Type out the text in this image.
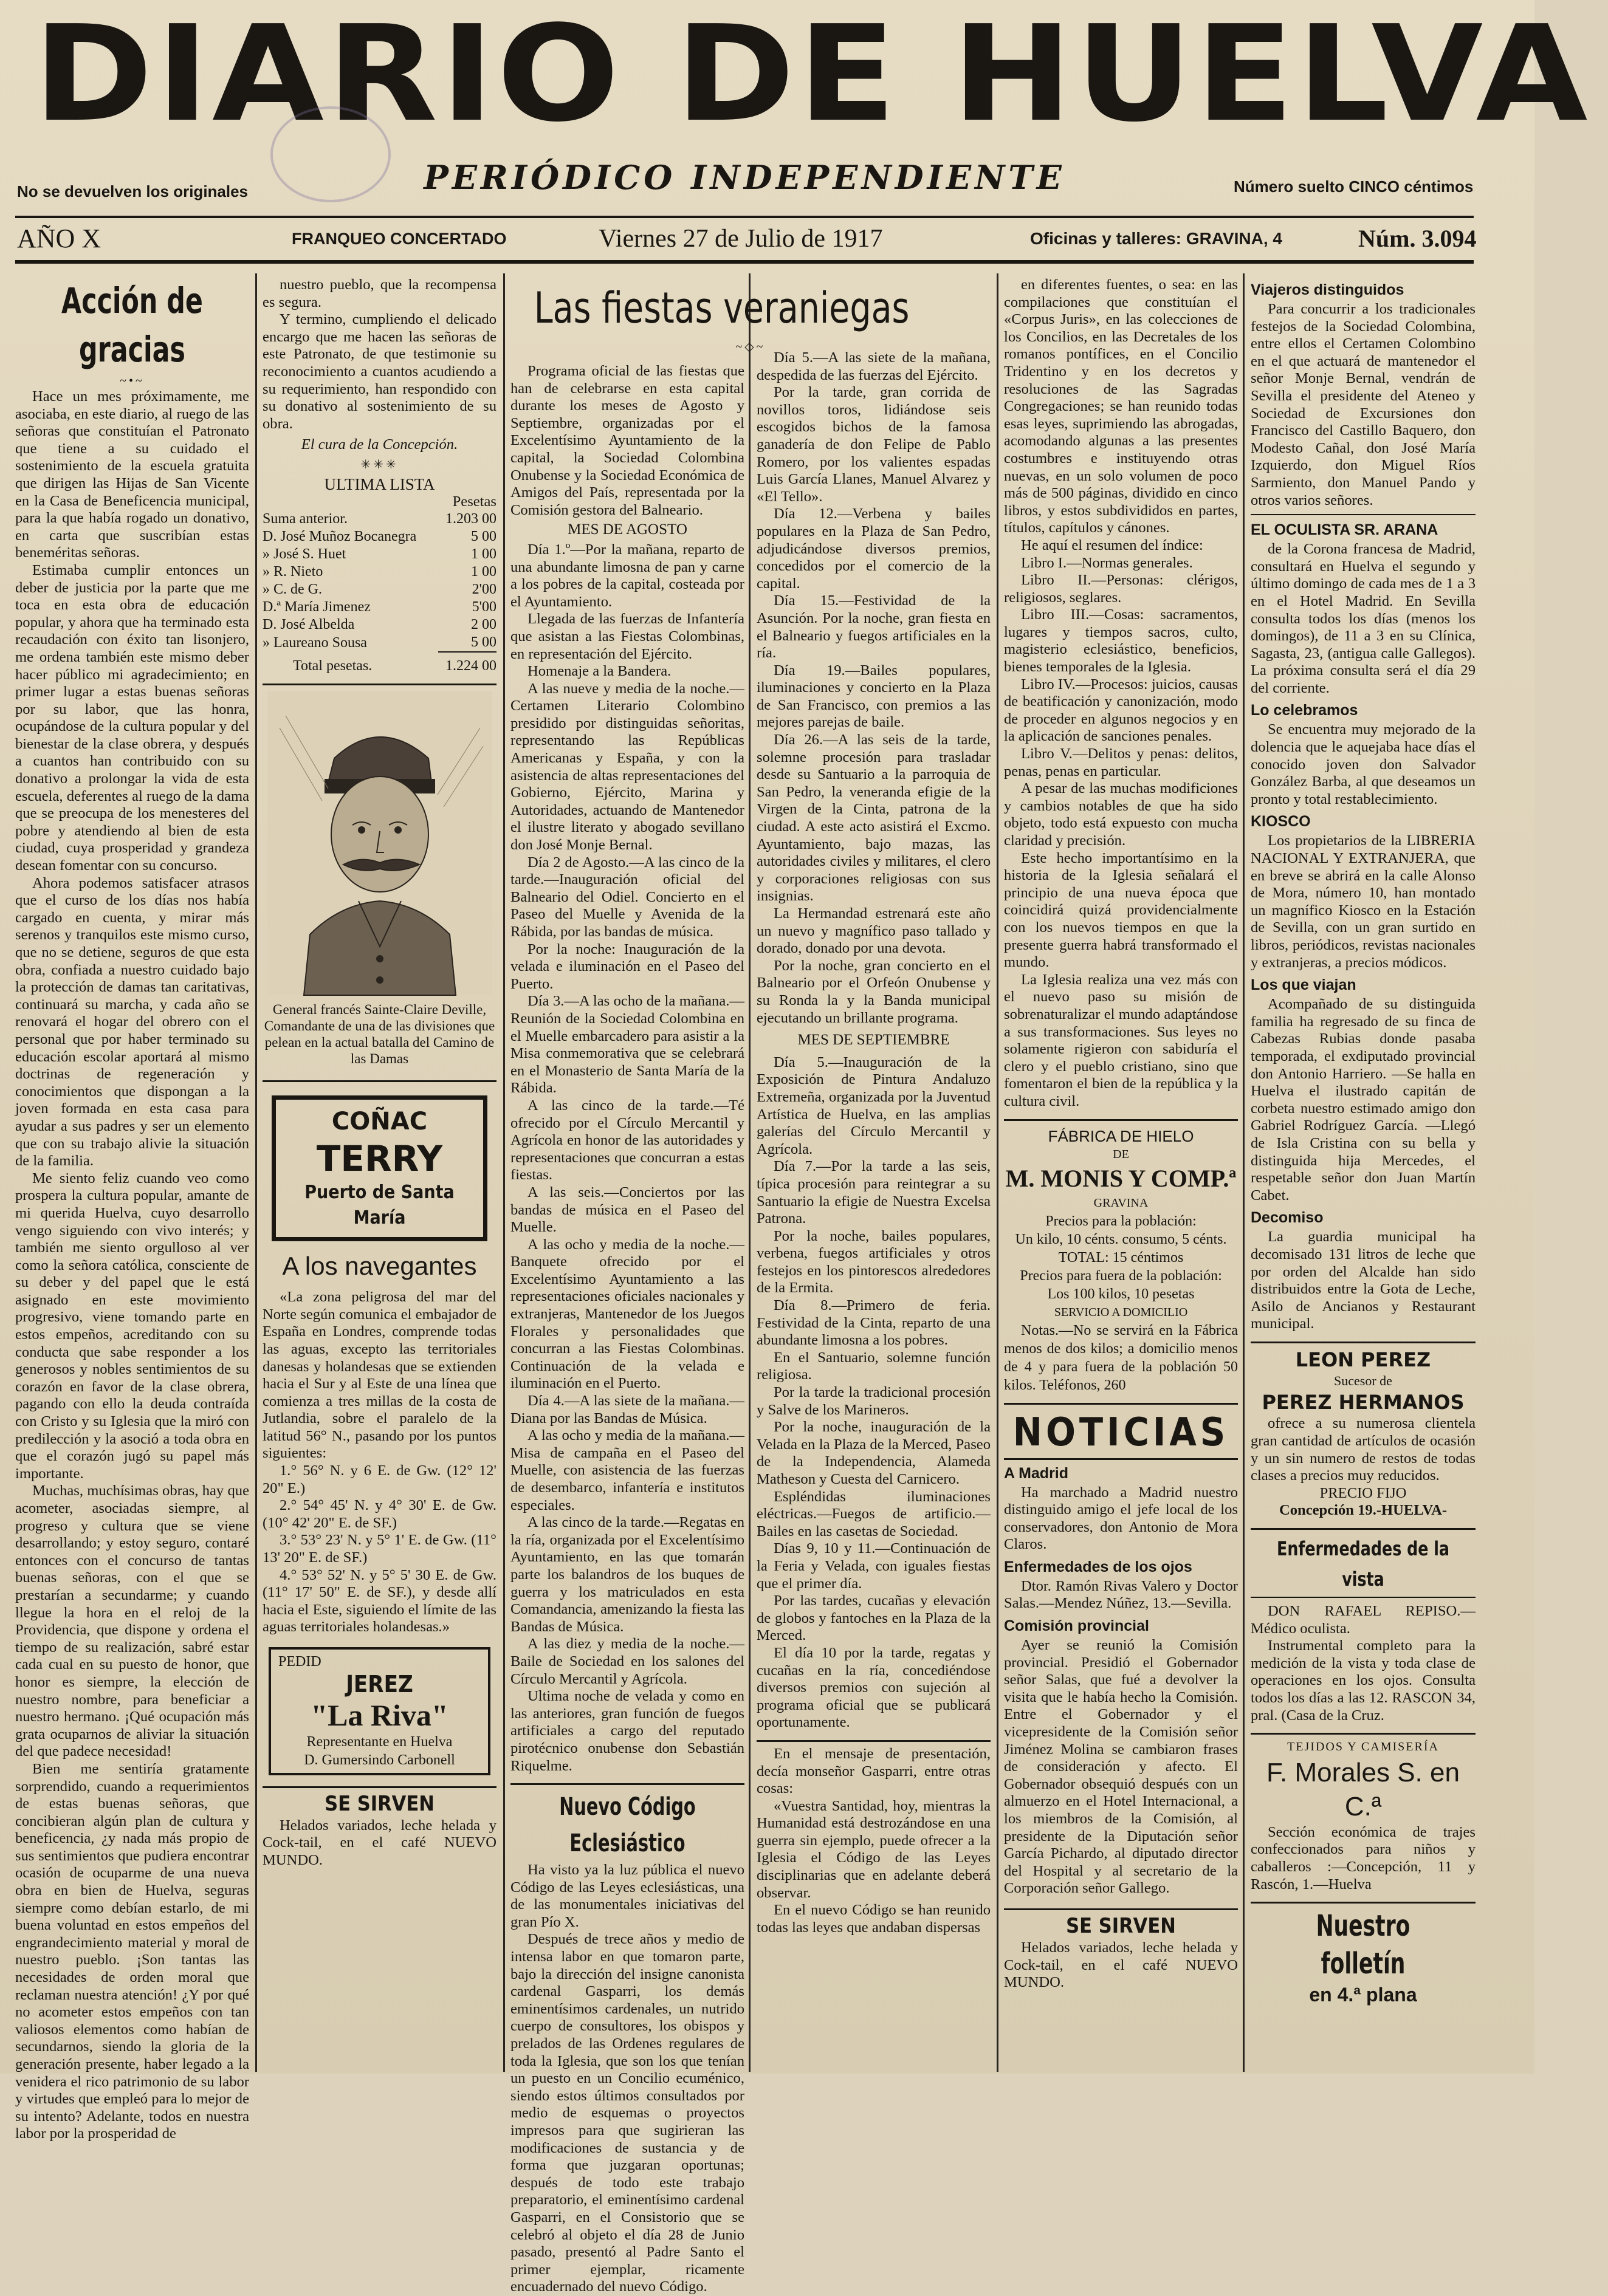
DIARIO DE HUELVA
No se devuelven los originales	PERIÓDICO INDEPENDIENTE	Número suelto CINCO céntimos
AÑO X	FRANQUEO CONCERTADO	Viernes 27 de Julio de 1917	Oficinas y talleres: GRAVINA, 4	Núm. 3.094
Acción de gracias
~•~

Hace un mes próximamente, me asociaba, en este diario, al ruego de las señoras que constituían el Patronato que tiene a su cuidado el sostenimiento de la escuela gratuita que dirigen las Hijas de San Vicente en la Casa de Beneficencia municipal, para la que había rogado un donativo, en carta que suscribían estas beneméritas señoras.

Estimaba cumplir entonces un deber de justicia por la parte que me toca en esta obra de educación popular, y ahora que ha terminado esta recaudación con éxito tan lisonjero, me ordena también este mismo deber hacer público mi agradecimiento; en primer lugar a estas buenas señoras por su labor, que las honra, ocupándose de la cultura popular y del bienestar de la clase obrera, y después a cuantos han contribuido con su donativo a prolongar la vida de esta escuela, deferentes al ruego de la dama que se preocupa de los menesteres del pobre y atendiendo al bien de esta ciudad, cuya prosperidad y grandeza desean fomentar con su concurso.

Ahora podemos satisfacer atrasos que el curso de los días nos había cargado en cuenta, y mirar más serenos y tranquilos este mismo curso, que no se detiene, seguros de que esta obra, confiada a nuestro cuidado bajo la protección de damas tan caritativas, continuará su marcha, y cada año se renovará el hogar del obrero con el personal que por haber terminado su educación escolar aportará al mismo doctrinas de regeneración y conocimientos que dispongan a la joven formada en esta casa para ayudar a sus padres y ser un elemento que con su trabajo alivie la situación de la familia.

Me siento feliz cuando veo como prospera la cultura popular, amante de mi querida Huelva, cuyo desarrollo vengo siguiendo con vivo interés; y también me siento orgulloso al ver como la señora católica, consciente de su deber y del papel que le está asignado en este movimiento progresivo, viene tomando parte en estos empeños, acreditando con su conducta que sabe responder a los generosos y nobles sentimientos de su corazón en favor de la clase obrera, pagando con ello la deuda contraída con Cristo y su Iglesia que la miró con predilección y la asoció a toda obra en que el corazón jugó su papel más importante.

Muchas, muchísimas obras, hay que acometer, asociadas siempre, al progreso y cultura que se viene desarrollando; y estoy seguro, contaré entonces con el concurso de tantas buenas señoras, con el que se prestarían a secundarme; y cuando llegue la hora en el reloj de la Providencia, que dispone y ordena el tiempo de su realización, sabré estar cada cual en su puesto de honor, que honor es siempre, la elección de nuestro nombre, para beneficiar a nuestro hermano. ¡Qué ocupación más grata ocuparnos de aliviar la situación del que padece necesidad!

Bien me sentiría gratamente sorprendido, cuando a requerimientos de estas buenas señoras, que concibieran algún plan de cultura y beneficencia, ¿y nada más propio de sus sentimientos que pudiera encontrar ocasión de ocuparme de una nueva obra en bien de Huelva, seguras siempre como debían estarlo, de mi buena voluntad en estos empeños del engrandecimiento material y moral de nuestro pueblo. ¡Son tantas las necesidades de orden moral que reclaman nuestra atención! ¿Y por qué no acometer estos empeños con tan valiosos elementos como habían de secundarnos, siendo la gloria de la generación presente, haber legado a la venidera el rico patrimonio de su labor y virtudes que empleó para lo mejor de su intento? Adelante, todos en nuestra labor por la prosperidad de

nuestro pueblo, que la recompensa es segura.

Y termino, cumpliendo el delicado encargo que me hacen las señoras de este Patronato, de que testimonie su reconocimiento a cuantos acudiendo a su requerimiento, han respondido con su donativo al sostenimiento de su obra.

El cura de la Concepción.
✳✳✳
ULTIMA LISTA
Pesetas
Suma anterior.	1.203 00
D. José Muñoz Bocanegra	5 00
» José S. Huet	1 00
» R. Nieto	1 00
» C. de G.	2'00
D.ª María Jimenez	5'00
D. José Albelda	2 00
» Laureano Sousa	5 00
Total pesetas.	1.224 00
General francés Sainte-Claire Deville, Comandante de una de las divisiones que pelean en la actual batalla del Camino de las Damas
COÑAC
TERRY
Puerto de Santa María
A los navegantes

«La zona peligrosa del mar del Norte según comunica el embajador de España en Londres, comprende todas las aguas, excepto las territoriales danesas y holandesas que se extienden hacia el Sur y al Este de una línea que comienza a tres millas de la costa de Jutlandia, sobre el paralelo de la latitud 56° N., pasando por los puntos siguientes:

1.° 56° N. y 6 E. de Gw. (12° 12' 20" E.)

2.° 54° 45' N. y 4° 30' E. de Gw. (10° 42' 20" E. de SF.)

3.° 53° 23' N. y 5° 1' E. de Gw. (11° 13' 20" E. de SF.)

4.° 53° 52' N. y 5° 5' 30 E. de Gw. (11° 17' 50" E. de SF.), y desde allí hacia el Este, siguiendo el límite de las aguas territoriales holandesas.»

PEDID
JEREZ
"La Riva"
Representante en Huelva
D. Gumersindo Carbonell
SE SIRVEN

Helados variados, leche helada y Cock-tail, en el café NUEVO MUNDO.

Las fiestas veraniegas
~◇~

Programa oficial de las fiestas que han de celebrarse en esta capital durante los meses de Agosto y Septiembre, organizadas por el Excelentísimo Ayuntamiento de la capital, la Sociedad Colombina Onubense y la Sociedad Económica de Amigos del País, representada por la Comisión gestora del Balneario.

MES DE AGOSTO

Día 1.º—Por la mañana, reparto de una abundante limosna de pan y carne a los pobres de la capital, costeada por el Ayuntamiento.

Llegada de las fuerzas de Infantería que asistan a las Fiestas Colombinas, en representación del Ejército.

Homenaje a la Bandera.

A las nueve y media de la noche.—Certamen Literario Colombino presidido por distinguidas señoritas, representando las Repúblicas Americanas y España, y con la asistencia de altas representaciones del Gobierno, Ejército, Marina y Autoridades, actuando de Mantenedor el ilustre literato y abogado sevillano don José Monje Bernal.

Día 2 de Agosto.—A las cinco de la tarde.—Inauguración oficial del Balneario del Odiel. Concierto en el Paseo del Muelle y Avenida de la Rábida, por las bandas de música.

Por la noche: Inauguración de la velada e iluminación en el Paseo del Puerto.

Día 3.—A las ocho de la mañana.—Reunión de la Sociedad Colombina en el Muelle embarcadero para asistir a la Misa conmemorativa que se celebrará en el Monasterio de Santa María de la Rábida.

A las cinco de la tarde.—Té ofrecido por el Círculo Mercantil y Agrícola en honor de las autoridades y representaciones que concurran a estas fiestas.

A las seis.—Conciertos por las bandas de música en el Paseo del Muelle.

A las ocho y media de la noche.—Banquete ofrecido por el Excelentísimo Ayuntamiento a las representaciones oficiales nacionales y extranjeras, Mantenedor de los Juegos Florales y personalidades que concurran a las Fiestas Colombinas. Continuación de la velada e iluminación en el Puerto.

Día 4.—A las siete de la mañana.—Diana por las Bandas de Música.

A las ocho y media de la mañana.—Misa de campaña en el Paseo del Muelle, con asistencia de las fuerzas de desembarco, infantería e institutos especiales.

A las cinco de la tarde.—Regatas en la ría, organizada por el Excelentísimo Ayuntamiento, en las que tomarán parte los balandros de los buques de guerra y los matriculados en esta Comandancia, amenizando la fiesta las Bandas de Música.

A las diez y media de la noche.—Baile de Sociedad en los salones del Círculo Mercantil y Agrícola.

Ultima noche de velada y como en las anteriores, gran función de fuegos artificiales a cargo del reputado pirotécnico onubense don Sebastián Riquelme.

Nuevo Código Eclesiástico

Ha visto ya la luz pública el nuevo Código de las Leyes eclesiásticas, una de las monumentales iniciativas del gran Pío X.

Después de trece años y medio de intensa labor en que tomaron parte, bajo la dirección del insigne canonista cardenal Gasparri, los demás eminentísimos cardenales, un nutrido cuerpo de consultores, los obispos y prelados de las Ordenes regulares de toda la Iglesia, que son los que tenían un puesto en un Concilio ecuménico, siendo estos últimos consultados por medio de esquemas o proyectos impresos para que sugirieran las modificaciones de sustancia y de forma que juzgaran oportunas; después de todo este trabajo preparatorio, el eminentísimo cardenal Gasparri, en el Consistorio que se celebró al objeto el día 28 de Junio pasado, presentó al Padre Santo el primer ejemplar, ricamente encuadernado del nuevo Código.

Día 5.—A las siete de la mañana, despedida de las fuerzas del Ejército.

Por la tarde, gran corrida de novillos toros, lidiándose seis escogidos bichos de la famosa ganadería de don Felipe de Pablo Romero, por los valientes espadas Luis García Llanes, Manuel Alvarez y «El Tello».

Día 12.—Verbena y bailes populares en la Plaza de San Pedro, adjudicándose diversos premios, concedidos por el comercio de la capital.

Día 15.—Festividad de la Asunción. Por la noche, gran fiesta en el Balneario y fuegos artificiales en la ría.

Día 19.—Bailes populares, iluminaciones y concierto en la Plaza de San Francisco, con premios a las mejores parejas de baile.

Día 26.—A las seis de la tarde, solemne procesión para trasladar desde su Santuario a la parroquia de San Pedro, la veneranda efigie de la Virgen de la Cinta, patrona de la ciudad. A este acto asistirá el Excmo. Ayuntamiento, bajo mazas, las autoridades civiles y militares, el clero y corporaciones religiosas con sus insignias.

La Hermandad estrenará este año un nuevo y magnífico paso tallado y dorado, donado por una devota.

Por la noche, gran concierto en el Balneario por el Orfeón Onubense y su Ronda la y la Banda municipal ejecutando un brillante programa.

MES DE SEPTIEMBRE

Día 5.—Inauguración de la Exposición de Pintura Andaluzo Extremeña, organizada por la Juventud Artística de Huelva, en las amplias galerías del Círculo Mercantil y Agrícola.

Día 7.—Por la tarde a las seis, típica procesión para reintegrar a su Santuario la efigie de Nuestra Excelsa Patrona.

Por la noche, bailes populares, verbena, fuegos artificiales y otros festejos en los pintorescos alrededores de la Ermita.

Día 8.—Primero de feria. Festividad de la Cinta, reparto de una abundante limosna a los pobres.

En el Santuario, solemne función religiosa.

Por la tarde la tradicional procesión y Salve de los Marineros.

Por la noche, inauguración de la Velada en la Plaza de la Merced, Paseo de la Independencia, Alameda Matheson y Cuesta del Carnicero.

Espléndidas iluminaciones eléctricas.—Fuegos de artificio.—Bailes en las casetas de Sociedad.

Días 9, 10 y 11.—Continuación de la Feria y Velada, con iguales fiestas que el primer día.

Por las tardes, cucañas y elevación de globos y fantoches en la Plaza de la Merced.

El día 10 por la tarde, regatas y cucañas en la ría, concediéndose diversos premios con sujeción al programa oficial que se publicará oportunamente.

En el mensaje de presentación, decía monseñor Gasparri, entre otras cosas:

«Vuestra Santidad, hoy, mientras la Humanidad está destrozándose en una guerra sin ejemplo, puede ofrecer a la Iglesia el Código de las Leyes disciplinarias que en adelante deberá observar.

En el nuevo Código se han reunido todas las leyes que andaban dispersas

en diferentes fuentes, o sea: en las compilaciones que constituían el «Corpus Juris», en las colecciones de los Concilios, en las Decretales de los romanos pontífices, en el Concilio Tridentino y en los decretos y resoluciones de las Sagradas Congregaciones; se han reunido todas esas leyes, suprimiendo las abrogadas, acomodando algunas a las presentes costumbres e instituyendo otras nuevas, en un solo volumen de poco más de 500 páginas, dividido en cinco libros, y estos subdivididos en partes, títulos, capítulos y cánones.

He aquí el resumen del índice:

Libro I.—Normas generales.

Libro II.—Personas: clérigos, religiosos, seglares.

Libro III.—Cosas: sacramentos, lugares y tiempos sacros, culto, magisterio eclesiástico, beneficios, bienes temporales de la Iglesia.

Libro IV.—Procesos: juicios, causas de beatificación y canonización, modo de proceder en algunos negocios y en la aplicación de sanciones penales.

Libro V.—Delitos y penas: delitos, penas, penas en particular.

A pesar de las muchas modificiones y cambios notables de que ha sido objeto, todo está expuesto con mucha claridad y precisión.

Este hecho importantísimo en la historia de la Iglesia señalará el principio de una nueva época que coincidirá quizá providencialmente con los nuevos tiempos en que la presente guerra habrá transformado el mundo.

La Iglesia realiza una vez más con el nuevo paso su misión de sobrenaturalizar el mundo adaptándose a sus transformaciones. Sus leyes no solamente rigieron con sabiduría el clero y el pueblo cristiano, sino que fomentaron el bien de la república y la cultura civil.

FÁBRICA DE HIELO
DE
M. MONIS Y COMP.ª
GRAVINA
Precios para la población:
Un kilo, 10 cénts. consumo, 5 cénts.
TOTAL: 15 céntimos
Precios para fuera de la población:
Los 100 kilos, 10 pesetas
SERVICIO A DOMICILIO

Notas.—No se servirá en la Fábrica menos de dos kilos; a domicilio menos de 4 y para fuera de la población 50 kilos. Teléfonos, 260

NOTICIAS
A Madrid

Ha marchado a Madrid nuestro distinguido amigo el jefe local de los conservadores, don Antonio de Mora Claros.

Enfermedades de los ojos

Dtor. Ramón Rivas Valero y Doctor Salas.—Mendez Núñez, 13.—Sevilla.

Comisión provincial

Ayer se reunió la Comisión provincial. Presidió el Gobernador señor Salas, que fué a devolver la visita que le había hecho la Comisión. Entre el Gobernador y el vicepresidente de la Comisión señor Jiménez Molina se cambiaron frases de consideración y afecto. El Gobernador obsequió después con un almuerzo en el Hotel Internacional, a los miembros de la Comisión, al presidente de la Diputación señor García Pichardo, al diputado director del Hospital y al secretario de la Corporación señor Gallego.

SE SIRVEN

Helados variados, leche helada y Cock-tail, en el café NUEVO MUNDO.

Viajeros distinguidos

Para concurrir a los tradicionales festejos de la Sociedad Colombina, entre ellos el Certamen Colombino en el que actuará de mantenedor el señor Monje Bernal, vendrán de Sevilla el presidente del Ateneo y Sociedad de Excursiones don Francisco del Castillo Baquero, don Modesto Cañal, don José María Izquierdo, don Miguel Ríos Sarmiento, don Manuel Pando y otros varios señores.

EL OCULISTA SR. ARANA

de la Corona francesa de Madrid, consultará en Huelva el segundo y último domingo de cada mes de 1 a 3 en el Hotel Madrid. En Sevilla consulta todos los días (menos los domingos), de 11 a 3 en su Clínica, Sagasta, 23, (antigua calle Gallegos). La próxima consulta será el día 29 del corriente.

Lo celebramos

Se encuentra muy mejorado de la dolencia que le aquejaba hace días el conocido joven don Salvador González Barba, al que deseamos un pronto y total restablecimiento.

KIOSCO

Los propietarios de la LIBRERIA NACIONAL Y EXTRANJERA, que en breve se abrirá en la calle Alonso de Mora, número 10, han montado un magnífico Kiosco en la Estación de Sevilla, con un gran surtido en libros, periódicos, revistas nacionales y extranjeras, a precios módicos.

Los que viajan

Acompañado de su distinguida familia ha regresado de su finca de Cabezas Rubias donde pasaba temporada, el exdiputado provincial don Antonio Harriero. —Se halla en Huelva el ilustrado capitán de corbeta nuestro estimado amigo don Gabriel Rodríguez García. —Llegó de Isla Cristina con su bella y distinguida hija Mercedes, el respetable señor don Juan Martín Cabet.

Decomiso

La guardia municipal ha decomisado 131 litros de leche que por orden del Alcalde han sido distribuidos entre la Gota de Leche, Asilo de Ancianos y Restaurant municipal.

LEON PEREZ
Sucesor de
PEREZ HERMANOS

ofrece a su numerosa clientela gran cantidad de artículos de ocasión y un sin numero de restos de todas clases a precios muy reducidos.

PRECIO FIJO
Concepción 19.-HUELVA-
Enfermedades de la vista

DON RAFAEL REPISO.—Médico oculista.

Instrumental completo para la medición de la vista y toda clase de operaciones en los ojos. Consulta todos los días a las 12. RASCON 34, pral. (Casa de la Cruz.

TEJIDOS Y CAMISERÍA
F. Morales S. en C.ª

Sección económica de trajes confeccionados para niños y caballeros :—Concepción, 11 y Rascón, 1.—Huelva

Nuestro folletín
en 4.ª plana
